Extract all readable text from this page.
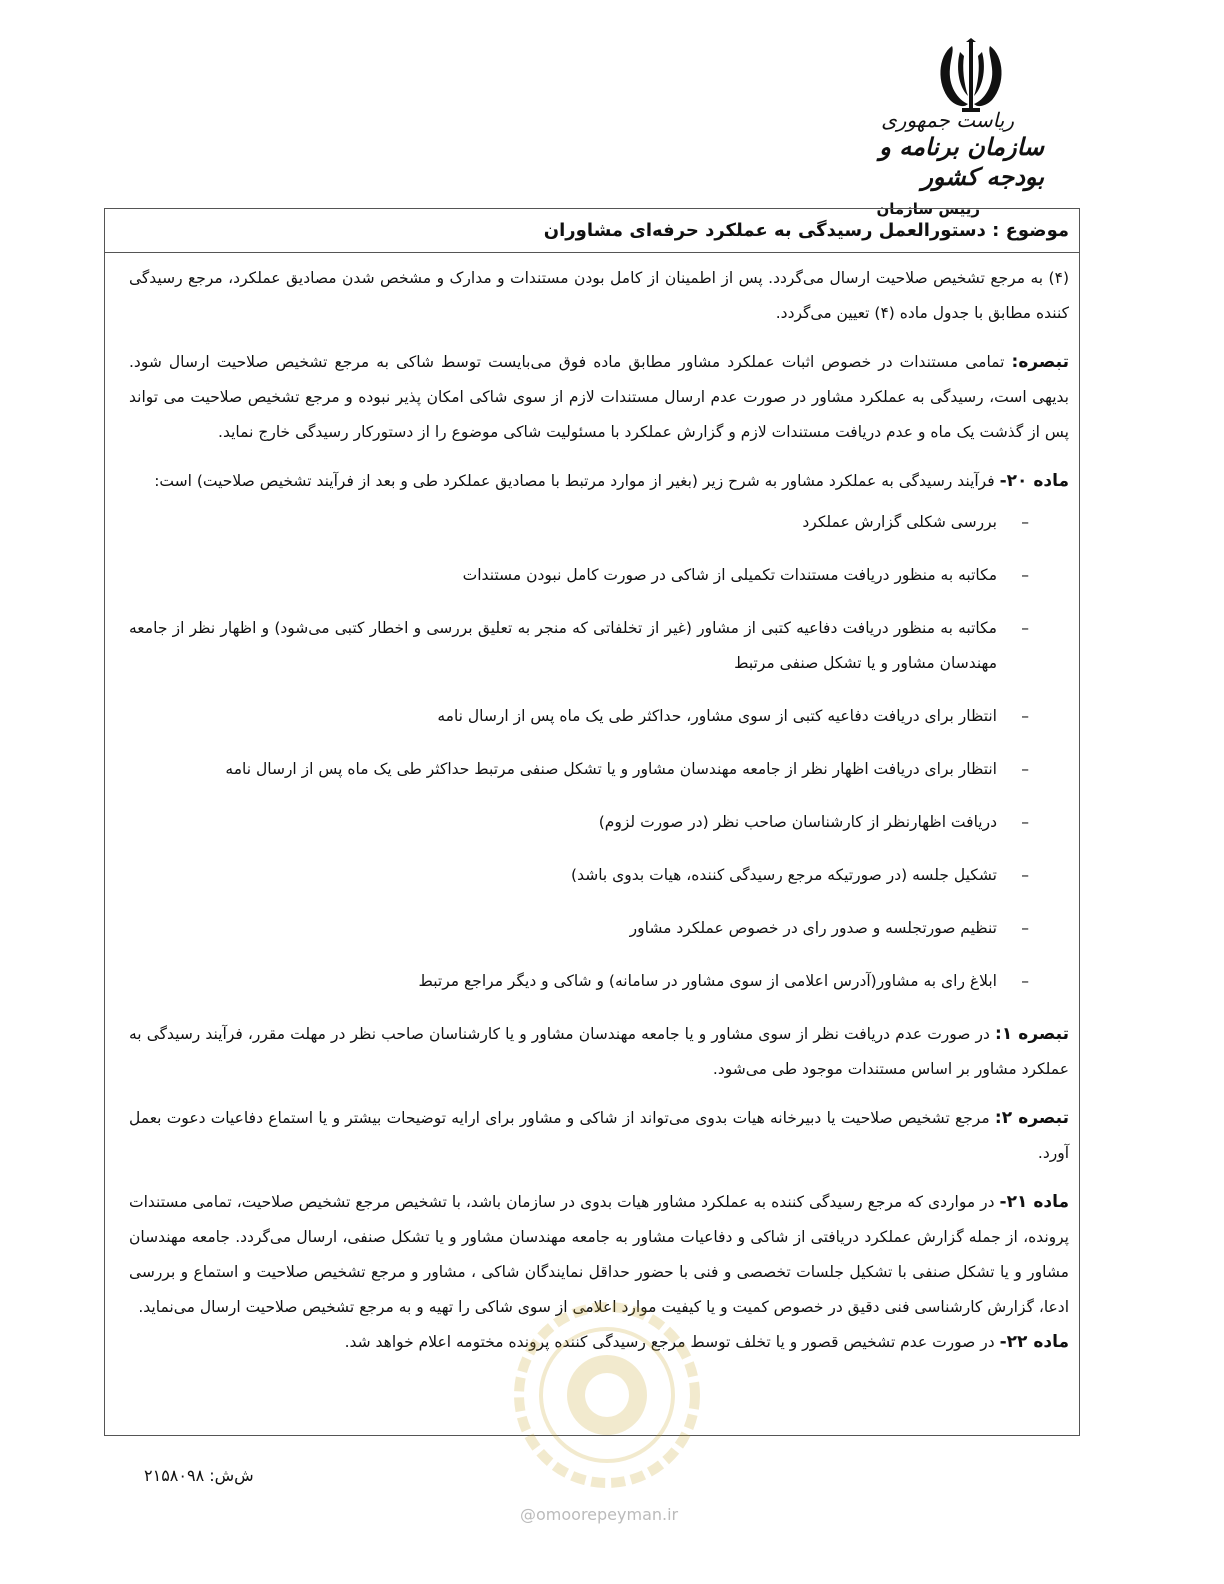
ریاست جمهوری
سازمان برنامه و بودجه کشور
رییس سازمان
موضوع : دستورالعمل رسیدگی به عملکرد حرفه‌ای مشاوران

(۴) به مرجع تشخیص صلاحیت ارسال می‌گردد. پس از اطمینان از کامل بودن مستندات و مدارک و مشخص شدن مصادیق عملکرد، مرجع رسیدگی کننده مطابق با جدول ماده (۴) تعیین می‌گردد.

تبصره: تمامی مستندات در خصوص اثبات عملکرد مشاور مطابق ماده فوق می‌بایست توسط شاکی به مرجع تشخیص صلاحیت ارسال شود. بدیهی است، رسیدگی به عملکرد مشاور در صورت عدم ارسال مستندات لازم از سوی شاکی امکان پذیر نبوده و مرجع تشخیص صلاحیت می تواند پس از گذشت یک ماه و عدم دریافت مستندات لازم و گزارش عملکرد با مسئولیت شاکی موضوع را از دستورکار رسیدگی خارج نماید.

ماده ۲۰- فرآیند رسیدگی به عملکرد مشاور به شرح زیر (بغیر از موارد مرتبط با مصادیق عملکرد طی و بعد از فرآیند تشخیص صلاحیت) است:

–
بررسی شکلی گزارش عملکرد
–
مکاتبه به منظور دریافت مستندات تکمیلی از شاکی در صورت کامل نبودن مستندات
–
مکاتبه به منظور دریافت دفاعیه کتبی از مشاور (غیر از تخلفاتی که منجر به تعلیق بررسی و اخطار کتبی می‌شود) و اظهار نظر از جامعه مهندسان مشاور و یا تشکل صنفی مرتبط
–
انتظار برای دریافت دفاعیه کتبی از سوی مشاور، حداکثر طی یک ماه پس از ارسال نامه
–
انتظار برای دریافت اظهار نظر از جامعه مهندسان مشاور و یا تشکل صنفی مرتبط حداکثر طی یک ماه پس از ارسال نامه
–
دریافت اظهارنظر از کارشناسان صاحب نظر (در صورت لزوم)
–
تشکیل جلسه (در صورتیکه مرجع رسیدگی کننده، هیات بدوی باشد)
–
تنظیم صورتجلسه و صدور رای در خصوص عملکرد مشاور
–
ابلاغ رای به مشاور(آدرس اعلامی از سوی مشاور در سامانه) و شاکی و دیگر مراجع مرتبط

تبصره ۱: در صورت عدم دریافت نظر از سوی مشاور و یا جامعه مهندسان مشاور و یا کارشناسان صاحب نظر در مهلت مقرر، فرآیند رسیدگی به عملکرد مشاور بر اساس مستندات موجود طی می‌شود.

تبصره ۲: مرجع تشخیص صلاحیت یا دبیرخانه هیات بدوی می‌تواند از شاکی و مشاور برای ارایه توضیحات بیشتر و یا استماع دفاعیات دعوت بعمل آورد.

ماده ۲۱- در مواردی که مرجع رسیدگی کننده به عملکرد مشاور هیات بدوی در سازمان باشد، با تشخیص مرجع تشخیص صلاحیت، تمامی مستندات پرونده، از جمله گزارش عملکرد دریافتی از شاکی و دفاعیات مشاور به جامعه مهندسان مشاور و یا تشکل صنفی، ارسال می‌گردد. جامعه مهندسان مشاور و یا تشکل صنفی با تشکیل جلسات تخصصی و فنی با حضور حداقل نمایندگان شاکی ، مشاور و مرجع تشخیص صلاحیت و استماع و بررسی ادعا، گزارش کارشناسی فنی دقیق در خصوص کمیت و یا کیفیت موارد اعلامی از سوی شاکی را تهیه و به مرجع تشخیص صلاحیت ارسال می‌نماید.

ماده ۲۲- در صورت عدم تشخیص قصور و یا تخلف توسط مرجع رسیدگی کننده پرونده مختومه اعلام خواهد شد.

ش‌ش: ۲۱۵۸۰۹۸
@omoorepeyman.ir
